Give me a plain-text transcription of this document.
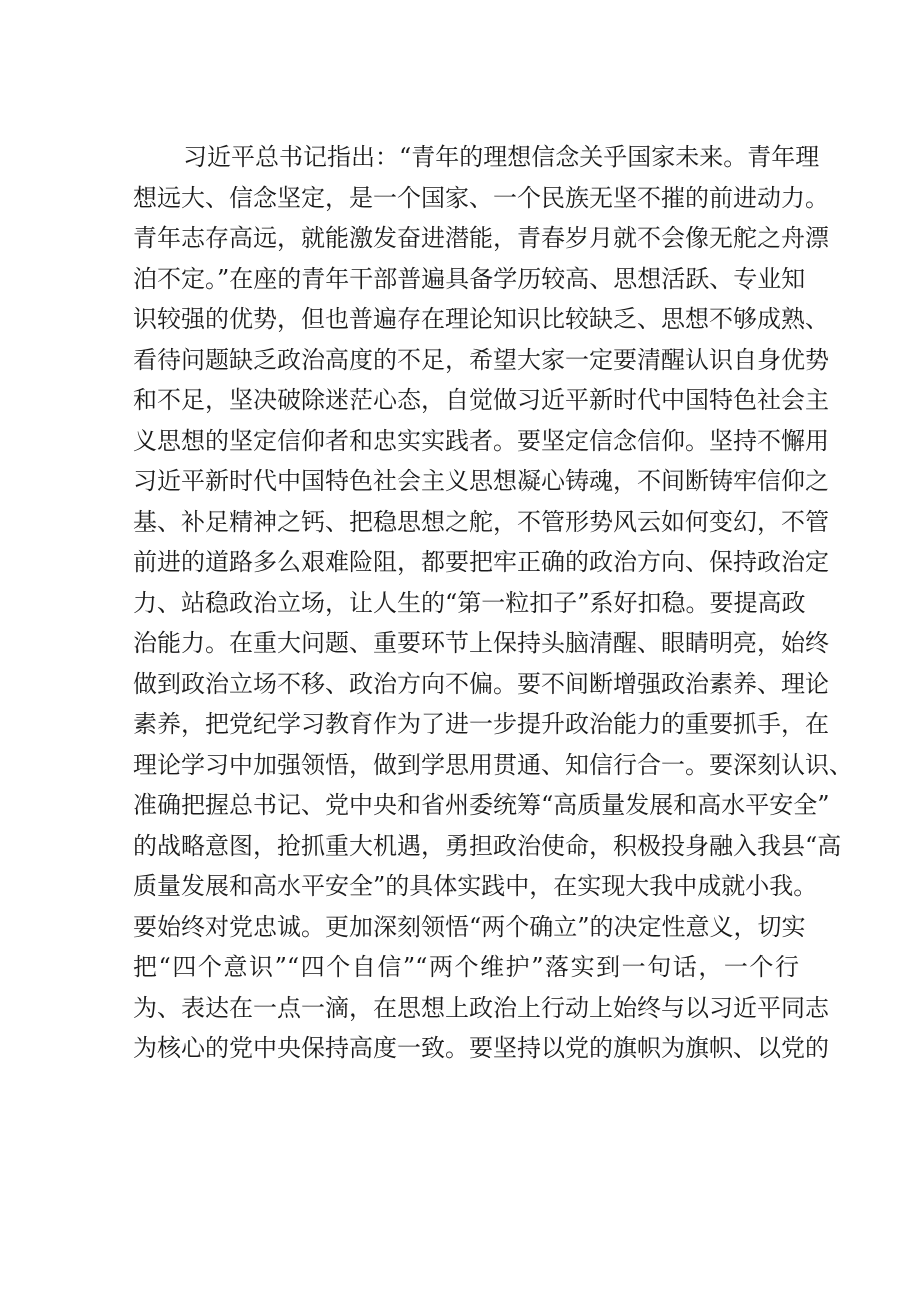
习近平总书记指出：“青年的理想信念关乎国家未来。青年理
想远大、信念坚定，是一个国家、一个民族无坚不摧的前进动力。
青年志存高远，就能激发奋进潜能，青春岁月就不会像无舵之舟漂
泊不定。”在座的青年干部普遍具备学历较高、思想活跃、专业知
识较强的优势，但也普遍存在理论知识比较缺乏、思想不够成熟、
看待问题缺乏政治高度的不足，希望大家一定要清醒认识自身优势
和不足，坚决破除迷茫心态，自觉做习近平新时代中国特色社会主
义思想的坚定信仰者和忠实实践者。要坚定信念信仰。坚持不懈用
习近平新时代中国特色社会主义思想凝心铸魂，不间断铸牢信仰之
基、补足精神之钙、把稳思想之舵，不管形势风云如何变幻，不管
前进的道路多么艰难险阻，都要把牢正确的政治方向、保持政治定
力、站稳政治立场，让人生的“第一粒扣子”系好扣稳。要提高政
治能力。在重大问题、重要环节上保持头脑清醒、眼睛明亮，始终
做到政治立场不移、政治方向不偏。要不间断增强政治素养、理论
素养，把党纪学习教育作为了进一步提升政治能力的重要抓手，在
理论学习中加强领悟，做到学思用贯通、知信行合一。要深刻认识、
准确把握总书记、党中央和省州委统筹“高质量发展和高水平安全”
的战略意图，抢抓重大机遇，勇担政治使命，积极投身融入我县“高
质量发展和高水平安全”的具体实践中，在实现大我中成就小我。
要始终对党忠诚。更加深刻领悟“两个确立”的决定性意义，切实
把“四个意识”“四个自信”“两个维护”落实到一句话，一个行
为、表达在一点一滴，在思想上政治上行动上始终与以习近平同志
为核心的党中央保持高度一致。要坚持以党的旗帜为旗帜、以党的
